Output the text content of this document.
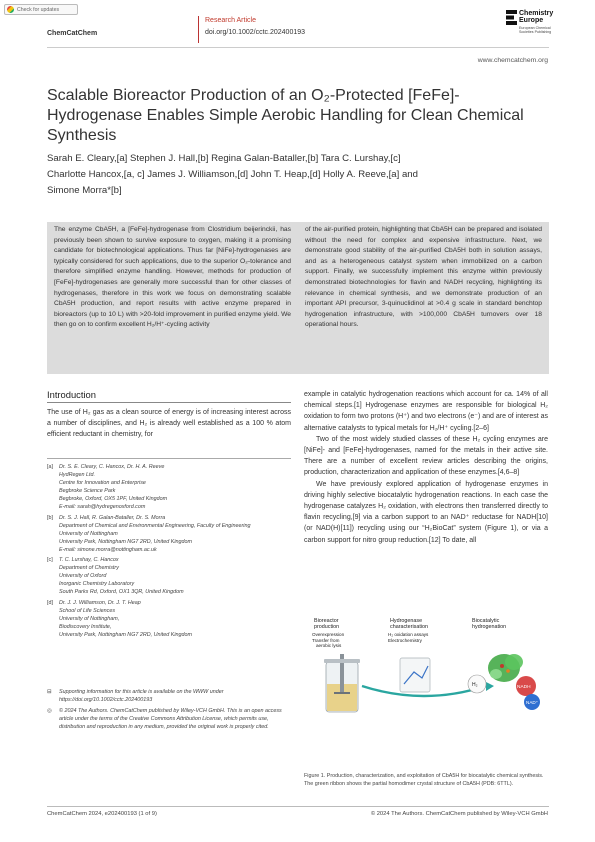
Check for updates
ChemCatChem
Research Article
doi.org/10.1002/cctc.202400193
Chemistry
Europe
European Chemical
Societies Publishing
www.chemcatchem.org
Scalable Bioreactor Production of an O₂-Protected [FeFe]-Hydrogenase Enables Simple Aerobic Handling for Clean Chemical Synthesis
Sarah E. Cleary,[a] Stephen J. Hall,[b] Regina Galan-Bataller,[b] Tara C. Lurshay,[c]
Charlotte Hancox,[a, c] James J. Williamson,[d] John T. Heap,[d] Holly A. Reeve,[a] and
Simone Morra*[b]
The enzyme CbA5H, a [FeFe]-hydrogenase from Clostridium beijerinckii, has previously been shown to survive exposure to oxygen, making it a promising candidate for biotechnological applications. Thus far [NiFe]-hydrogenases are typically considered for such applications, due to the superior O₂-tolerance and therefore simplified enzyme handling. However, methods for production of [FeFe]-hydrogenases are generally more successful than for other classes of hydrogenases, therefore in this work we focus on demonstrating scalable CbA5H production, and report results with active enzyme prepared in bioreactors (up to 10 L) with >20-fold improvement in purified enzyme yield. We then go on to confirm excellent H₂/H⁺-cycling activity
of the air-purified protein, highlighting that CbA5H can be prepared and isolated without the need for complex and expensive infrastructure. Next, we demonstrate good stability of the air-purified CbA5H both in solution assays, and as a heterogeneous catalyst system when immobilized on a carbon support. Finally, we successfully implement this enzyme within previously demonstrated biotechnologies for flavin and NADH recycling, highlighting its relevance in chemical synthesis, and we demonstrate production of an important API precursor, 3-quinuclidinol at >0.4 g scale in standard benchtop hydrogenation infrastructure, with >100,000 CbA5H turnovers over 18 operational hours.
Introduction
The use of H₂ gas as a clean source of energy is of increasing interest across a number of disciplines, and H₂ is already well established as a 100 % atom efficient reductant in chemistry, for
[a]	Dr. S. E. Cleary, C. Hancox, Dr. H. A. Reeve
HydRegen Ltd.
Centre for Innovation and Enterprise
Begbroke Science Park
Begbroke, Oxford, OX5 1PF, United Kingdom
E-mail: sarah@hydregenoxford.com
[b]	Dr. S. J. Hall, R. Galan-Bataller, Dr. S. Morra
Department of Chemical and Environmental Engineering, Faculty of Engineering
University of Nottingham
University Park, Nottingham NG7 2RD, United Kingdom
E-mail: simone.morra@nottingham.ac.uk
[c]	T. C. Lurshay, C. Hancox
Department of Chemistry
University of Oxford
Inorganic Chemistry Laboratory
South Parks Rd, Oxford, OX1 3QR, United Kingdom
[d]	Dr. J. J. Williamson, Dr. J. T. Heap
School of Life Sciences
University of Nottingham,
Biodiscovery Institute,
University Park, Nottingham NG7 2RD, United Kingdom
⊟	Supporting information for this article is available on the WWW under https://doi.org/10.1002/cctc.202400193
◎	© 2024 The Authors. ChemCatChem published by Wiley-VCH GmbH. This is an open access article under the terms of the Creative Commons Attribution License, which permits use, distribution and reproduction in any medium, provided the original work is properly cited.

example in catalytic hydrogenation reactions which account for ca. 14% of all chemical steps.[1] Hydrogenase enzymes are responsible for biological H₂ oxidation to form two protons (H⁺) and two electrons (e⁻) and are of interest as alternative catalysts to typical metals for H₂/H⁺ cycling.[2–6]

Two of the most widely studied classes of these H₂ cycling enzymes are [NiFe]- and [FeFe]-hydrogenases, named for the metals in their active site. There are a number of excellent review articles describing the origins, production, characterization and application of these enzymes.[4,6–8]

We have previously explored application of hydrogenase enzymes in driving highly selective biocatalytic hydrogenation reactions. In each case the hydrogenase catalyzes H₂ oxidation, with electrons then transferred directly to flavin recycling,[9] via a carbon support to an NAD⁺ reductase for NADH[10] (or NAD(H)[11]) recycling using our “H₂BioCat” system (Figure 1), or via a carbon support for nitro group reduction.[12] To date, all

Bioreactor
production
Overexpression
Transfer from
aerobic lysis
Hydrogenase
characterisation
H₂ oxidation assays
Electrochemistry
Biocatalytic
hydrogenation
H₂	NADH
NAD⁺
Figure 1. Production, characterization, and exploitation of CbA5H for biocatalytic chemical synthesis. The green ribbon shows the partial homodimer crystal structure of CbA5H (PDB: 6TTL).
ChemCatChem 2024, e202400193 (1 of 9)	© 2024 The Authors. ChemCatChem published by Wiley-VCH GmbH
